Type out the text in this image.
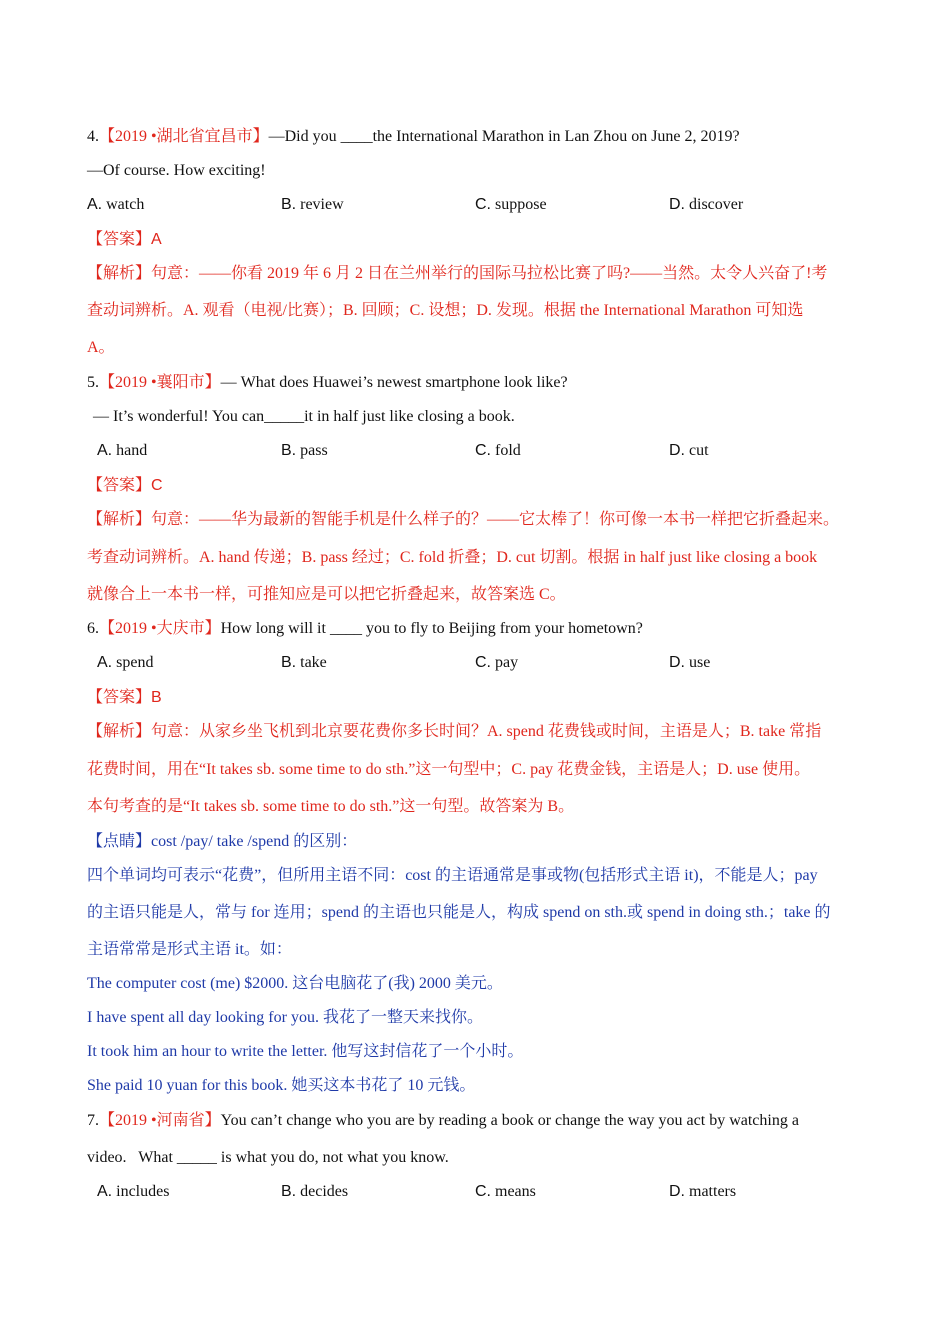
4.【2019 •湖北省宜昌市】—Did you ____the International Marathon in Lan Zhou on June 2, 2019?
—Of course. How exciting!
A. watch	B. review	C. suppose	D. discover
【答案】A
【解析】句意：——你看 2019 年 6 月 2 日在兰州举行的国际马拉松比赛了吗?——当然。太令人兴奋了!考
查动词辨析。A. 观看（电视/比赛）；B. 回顾；C. 设想；D. 发现。根据 the International Marathon 可知选
A。
5.【2019 •襄阳市】— What does Huawei’s newest smartphone look like?
— It’s wonderful! You can_____it in half just like closing a book.
A. hand	B. pass	C. fold	D. cut
【答案】C
【解析】句意：——华为最新的智能手机是什么样子的？——它太棒了！你可像一本书一样把它折叠起来。
考查动词辨析。A. hand 传递；B. pass 经过；C. fold 折叠；D. cut 切割。根据 in half just like closing a book
就像合上一本书一样，可推知应是可以把它折叠起来，故答案选 C。
6.【2019 •大庆市】How long will it ____ you to fly to Beijing from your hometown?
A. spend	B. take	C. pay	D. use
【答案】B
【解析】句意：从家乡坐飞机到北京要花费你多长时间？A. spend 花费钱或时间，主语是人；B. take 常指
花费时间，用在“It takes sb. some time to do sth.”这一句型中；C. pay 花费金钱，主语是人；D. use 使用。
本句考查的是“It takes sb. some time to do sth.”这一句型。故答案为 B。
【点睛】cost /pay/ take /spend 的区别：
四个单词均可表示“花费”，但所用主语不同：cost 的主语通常是事或物(包括形式主语 it)，不能是人；pay
的主语只能是人，常与 for 连用；spend 的主语也只能是人，构成 spend on sth.或 spend in doing sth.；take 的
主语常常是形式主语 it。如：
The computer cost (me) $2000. 这台电脑花了(我) 2000 美元。
I have spent all day looking for you. 我花了一整天来找你。
It took him an hour to write the letter. 他写这封信花了一个小时。
She paid 10 yuan for this book. 她买这本书花了 10 元钱。
7.【2019 •河南省】You can’t change who you are by reading a book or change the way you act by watching a
video.   What _____ is what you do, not what you know.
A. includes	B. decides	C. means	D. matters
